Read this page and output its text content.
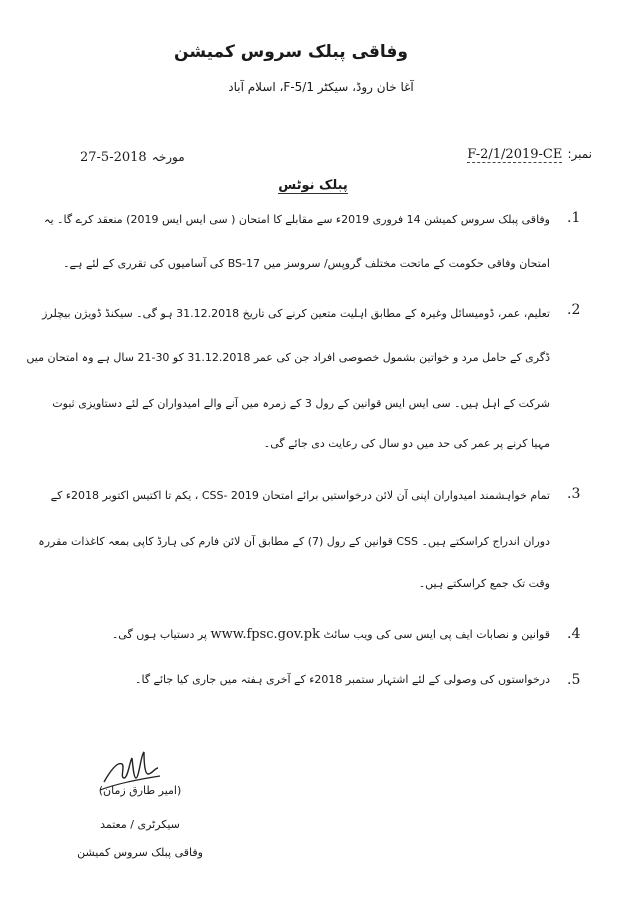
وفاقی پبلک سروس کمیشن
آغا خان روڈ، سیکٹر F-5/1، اسلام آباد
F-2/1/2019-CE نمبر:
27-5-2018 مورخہ
پبلک نوٹس
.1
وفاقی پبلک سروس کمیشن 14 فروری 2019ء سے مقابلے کا امتحان ( سی ایس ایس 2019) منعقد کرے گا۔ یہ
امتحان وفاقی حکومت کے ماتحت مختلف گروپس/ سروسز میں BS-17 کی آسامیوں کی تقرری کے لئے ہے۔
.2
تعلیم، عمر، ڈومیسائل وغیرہ کے مطابق اہلیت متعین کرنے کی تاریخ 31.12.2018 ہو گی۔ سیکنڈ ڈویژن بیچلرز
ڈگری کے حامل مرد و خواتین بشمول خصوصی افراد جن کی عمر 31.12.2018 کو 30-21 سال ہے وہ امتحان میں
شرکت کے اہل ہیں۔ سی ایس ایس قوانین کے رول 3 کے زمرہ میں آنے والے امیدواران کے لئے دستاویزی ثبوت
مہیا کرنے پر عمر کی حد میں دو سال کی رعایت دی جائے گی۔
.3
تمام خواہشمند امیدواران اپنی آن لائن درخواستیں برائے امتحان CSS- 2019 ، یکم تا اکتیس اکتوبر 2018ء کے
دوران اندراج کراسکتے ہیں۔ CSS قوانین کے رول (7) کے مطابق آن لائن فارم کی ہارڈ کاپی بمعہ کاغذات مقررہ
وقت تک جمع کراسکتے ہیں۔
.4
قوانین و نصابات ایف پی ایس سی کی ویب سائٹ www.fpsc.gov.pk پر دستیاب ہوں گی۔
.5
درخواستوں کی وصولی کے لئے اشتہار ستمبر 2018ء کے آخری ہفتہ میں جاری کیا جائے گا۔
(امیر طارق زمان)
سیکرٹری / معتمد
وفاقی پبلک سروس کمیشن
